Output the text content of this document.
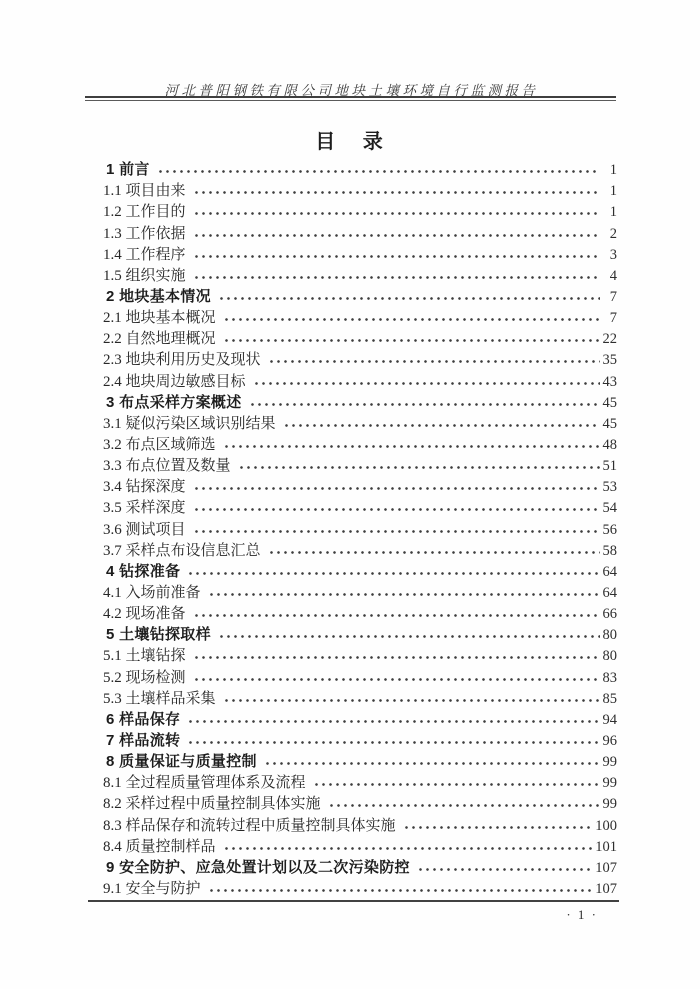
河北普阳钢铁有限公司地块土壤环境自行监测报告
目 录
1 前言	1
1.1 项目由来	1
1.2 工作目的	1
1.3 工作依据	2
1.4 工作程序	3
1.5 组织实施	4
2 地块基本情况	7
2.1 地块基本概况	7
2.2 自然地理概况	22
2.3 地块利用历史及现状	35
2.4 地块周边敏感目标	43
3 布点采样方案概述	45
3.1 疑似污染区域识别结果	45
3.2 布点区域筛选	48
3.3 布点位置及数量	51
3.4 钻探深度	53
3.5 采样深度	54
3.6 测试项目	56
3.7 采样点布设信息汇总	58
4 钻探准备	64
4.1 入场前准备	64
4.2 现场准备	66
5 土壤钻探取样	80
5.1 土壤钻探	80
5.2 现场检测	83
5.3 土壤样品采集	85
6 样品保存	94
7 样品流转	96
8 质量保证与质量控制	99
8.1 全过程质量管理体系及流程	99
8.2 采样过程中质量控制具体实施	99
8.3 样品保存和流转过程中质量控制具体实施	100
8.4 质量控制样品	101
9 安全防护、应急处置计划以及二次污染防控	107
9.1 安全与防护	107
· 1 ·
